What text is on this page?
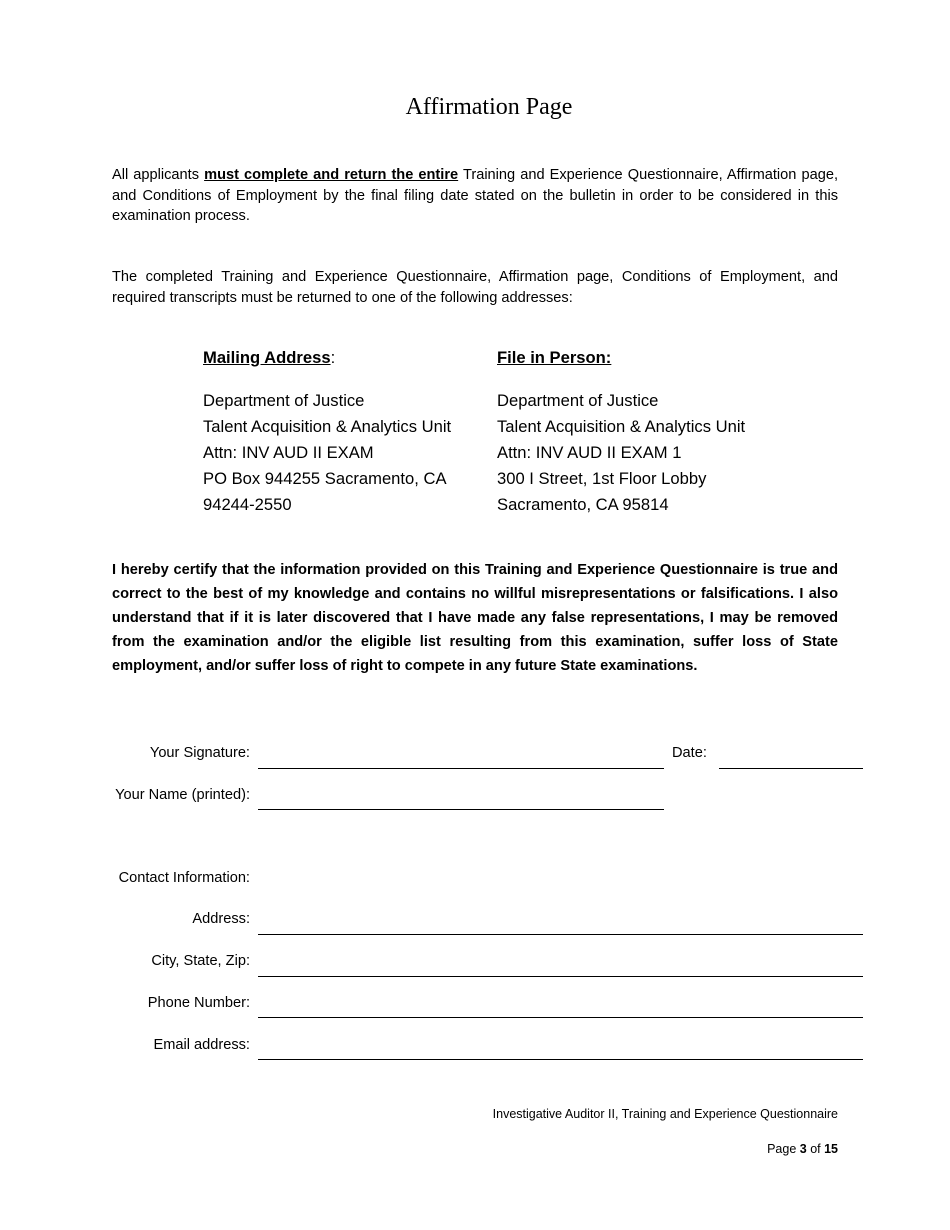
Affirmation Page
All applicants must complete and return the entire Training and Experience Questionnaire, Affirmation page, and Conditions of Employment by the final filing date stated on the bulletin in order to be considered in this examination process.
The completed Training and Experience Questionnaire, Affirmation page, Conditions of Employment, and required transcripts must be returned to one of the following addresses:
Mailing Address:
Department of Justice
Talent Acquisition & Analytics Unit
Attn: INV AUD II EXAM
PO Box 944255 Sacramento, CA
94244-2550
File in Person:
Department of Justice
Talent Acquisition & Analytics Unit
Attn: INV AUD II EXAM 1
300 I Street, 1st Floor Lobby
Sacramento, CA 95814
I hereby certify that the information provided on this Training and Experience Questionnaire is true and correct to the best of my knowledge and contains no willful misrepresentations or falsifications. I also understand that if it is later discovered that I have made any false representations, I may be removed from the examination and/or the eligible list resulting from this examination, suffer loss of State employment, and/or suffer loss of right to compete in any future State examinations.
Your Signature:	Date:
Your Name (printed):
Contact Information:
Address:
City, State, Zip:
Phone Number:
Email address:
Investigative Auditor II, Training and Experience Questionnaire
Page 3 of 15
